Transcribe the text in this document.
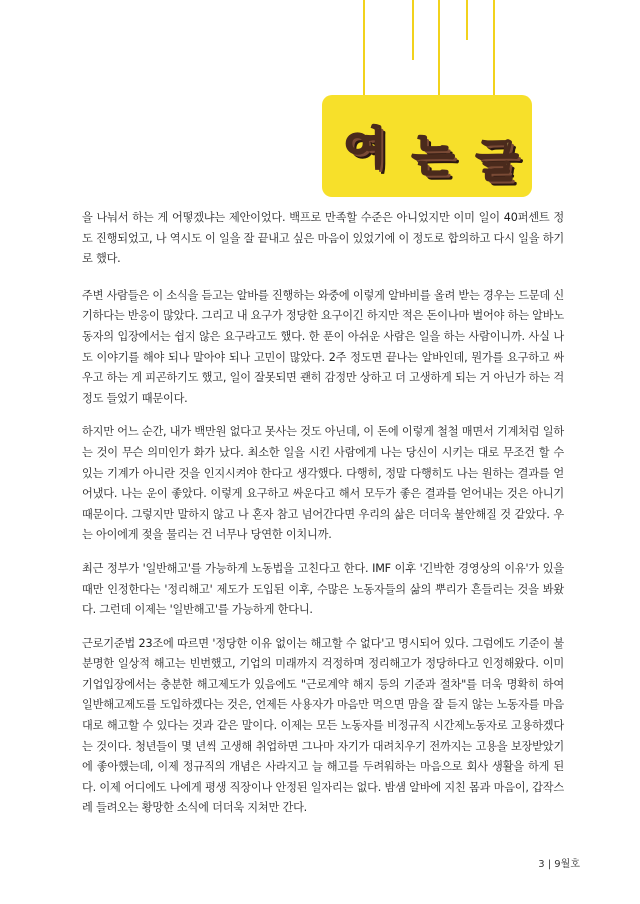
여 는 글

을 나눠서 하는 게 어떻겠냐는 제안이었다. 백프로 만족할 수준은 아니었지만 이미 일이 40퍼센트 정도 진행되었고, 나 역시도 이 일을 잘 끝내고 싶은 마음이 있었기에 이 정도로 합의하고 다시 일을 하기로 했다.

주변 사람들은 이 소식을 듣고는 알바를 진행하는 와중에 이렇게 알바비를 올려 받는 경우는 드문데 신기하다는 반응이 많았다. 그리고 내 요구가 정당한 요구이긴 하지만 적은 돈이나마 벌어야 하는 알바노동자의 입장에서는 쉽지 않은 요구라고도 했다. 한 푼이 아쉬운 사람은 일을 하는 사람이니까. 사실 나도 이야기를 해야 되나 말아야 되나 고민이 많았다. 2주 정도면 끝나는 알바인데, 뭔가를 요구하고 싸우고 하는 게 피곤하기도 했고, 일이 잘못되면 괜히 감정만 상하고 더 고생하게 되는 거 아닌가 하는 걱정도 들었기 때문이다.

하지만 어느 순간, 내가 백만원 없다고 못사는 것도 아닌데, 이 돈에 이렇게 철철 매면서 기계처럼 일하는 것이 무슨 의미인가 화가 났다. 최소한 일을 시킨 사람에게 나는 당신이 시키는 대로 무조건 할 수 있는 기계가 아니란 것을 인지시켜야 한다고 생각했다. 다행히, 정말 다행히도 나는 원하는 결과를 얻어냈다. 나는 운이 좋았다. 이렇게 요구하고 싸운다고 해서 모두가 좋은 결과를 얻어내는 것은 아니기 때문이다. 그렇지만 말하지 않고 나 혼자 참고 넘어간다면 우리의 삶은 더더욱 불안해질 것 같았다. 우는 아이에게 젖을 물리는 건 너무나 당연한 이치니까.

최근 정부가 '일반해고'를 가능하게 노동법을 고친다고 한다. IMF 이후 '긴박한 경영상의 이유'가 있을 때만 인정한다는 '정리해고' 제도가 도입된 이후, 수많은 노동자들의 삶의 뿌리가 흔들리는 것을 봐왔다. 그런데 이제는 '일반해고'를 가능하게 한다니.

근로기준법 23조에 따르면 '정당한 이유 없이는 해고할 수 없다'고 명시되어 있다. 그럼에도 기준이 불분명한 일상적 해고는 빈번했고, 기업의 미래까지 걱정하며 정리해고가 정당하다고 인정해왔다. 이미 기업입장에서는 충분한 해고제도가 있음에도 "근로계약 해지 등의 기준과 절차"를 더욱 명확히 하여 일반해고제도를 도입하겠다는 것은, 언제든 사용자가 마음만 먹으면 맘을 잘 듣지 않는 노동자를 마음대로 해고할 수 있다는 것과 같은 말이다. 이제는 모든 노동자를 비정규직 시간제노동자로 고용하겠다는 것이다. 청년들이 몇 년씩 고생해 취업하면 그나마 자기가 대려치우기 전까지는 고용을 보장받았기에 좋아했는데, 이제 정규직의 개념은 사라지고 늘 해고를 두려워하는 마음으로 회사 생활을 하게 된다. 이제 어디에도 나에게 평생 직장이나 안정된 일자리는 없다. 밤샘 알바에 지친 몸과 마음이, 갑작스레 들려오는 황망한 소식에 더더욱 지쳐만 간다.

3 | 9월호
